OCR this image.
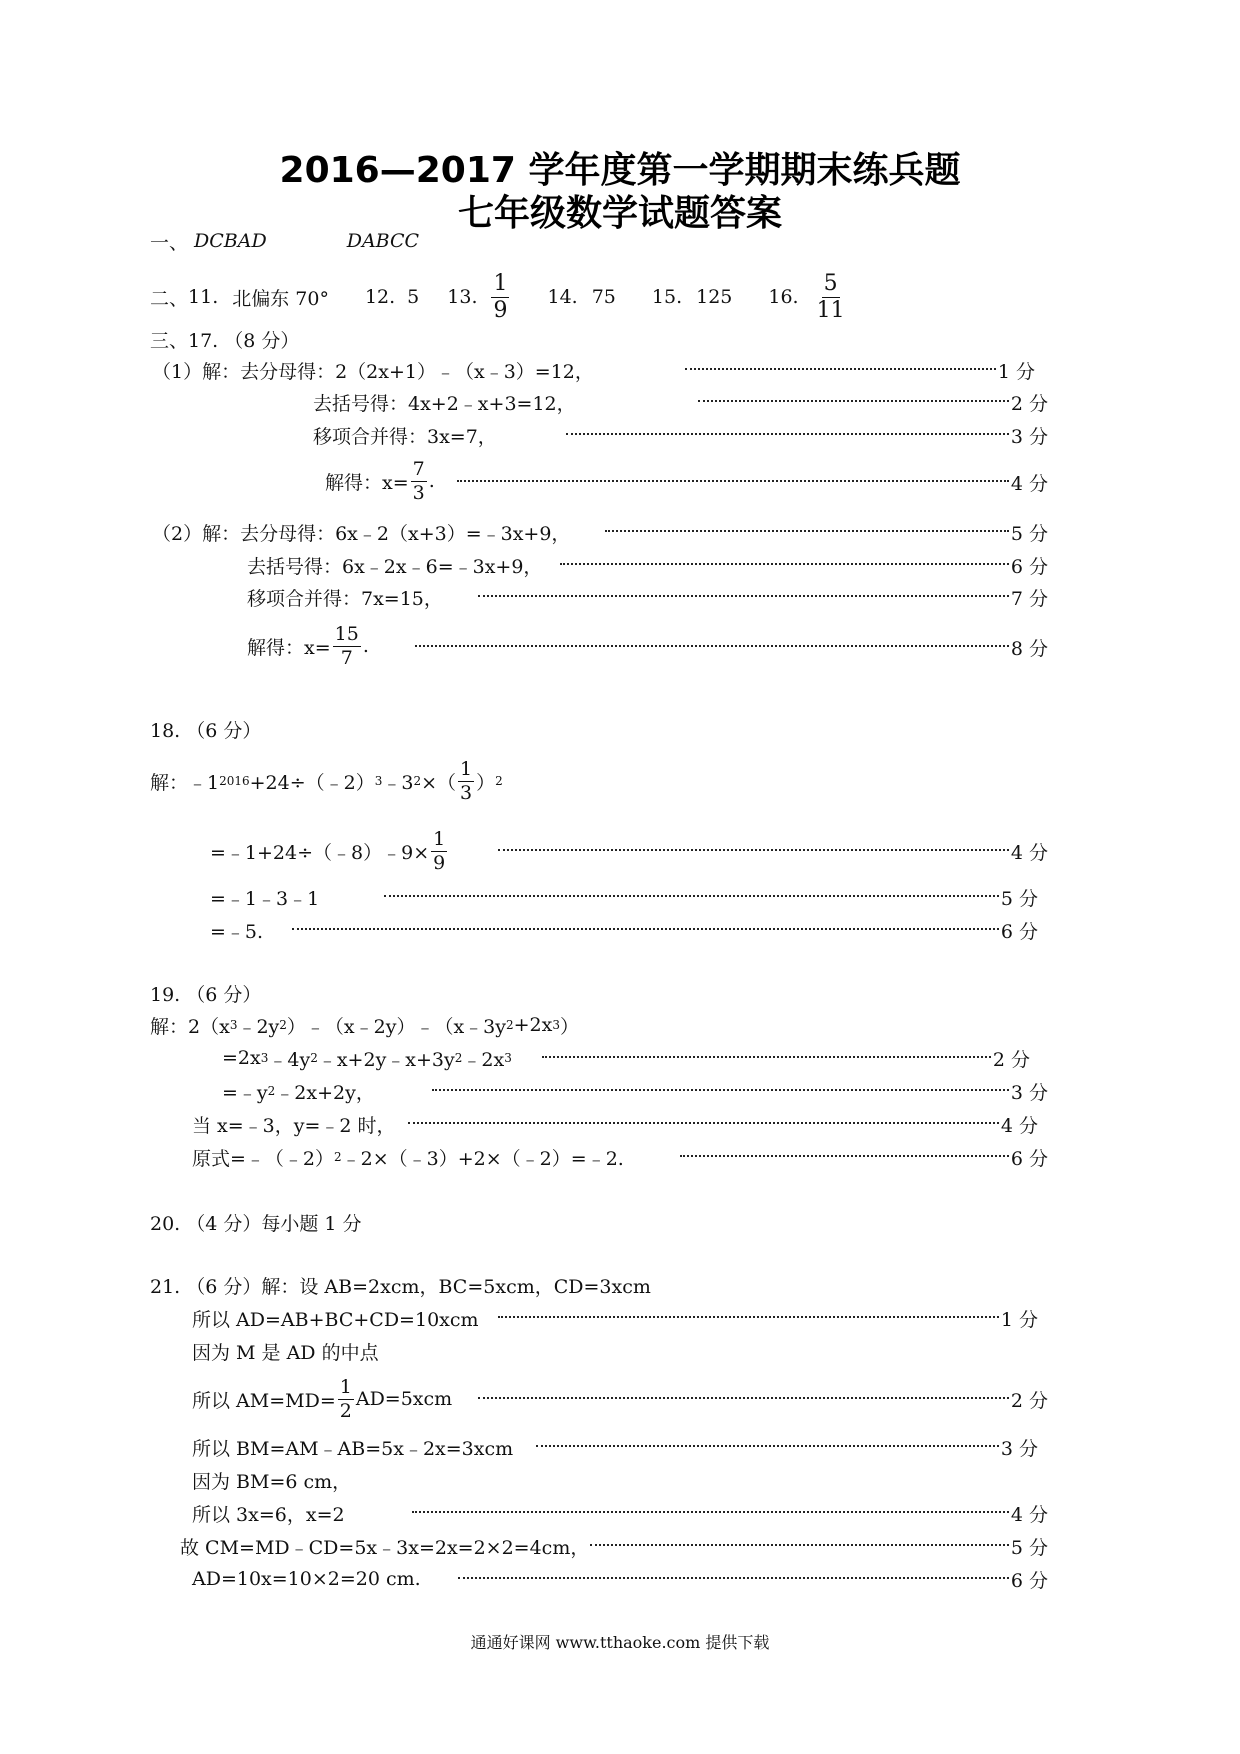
2016—2017 学年度第一学期期末练兵题
七年级数学试题答案
一、 DCBAD	DABCC
二、 11. 北偏东 70° 12. 5 13. $\frac{1}{9} 14$. 75 15. 125 16. $\frac{5}{11}$
三、17. （8 分）
（1）解：去分母得：2（2x+1）﹣（x﹣3）=12，	1 分
去括号得：4x+2﹣x+3=12，	2 分
移项合并得：3x=7，	3 分
解得：$x= \frac{7}{3}$ .	4 分
（2）解：去分母得：6x﹣2（x+3）=﹣3x+9，	5 分
去括号得：6x﹣2x﹣6=﹣3x+9，	6 分
移项合并得：7x=15，	7 分
解得：$x= \frac{15}{7}$ .	8 分
18. （6 分）
解：﹣1 2016 +24÷（﹣2） 3 ﹣3 2 ×（ $\frac{1}{3}$ ） 2
=﹣1+24÷（﹣8）﹣9× $\frac{1}{9}$	4 分
=﹣1﹣3﹣1	5 分
=﹣5.	6 分
19. （6 分）
解：2（x 3 ﹣2y 2 ）﹣（x﹣2y）﹣（x﹣3y 2 +2x 3 ）
=2x 3 ﹣4y 2 ﹣x+2y﹣x+3y 2 ﹣2x 3	2 分
=﹣y 2 ﹣2x+2y，	3 分
当 x=﹣3，y=﹣2 时，	4 分
原式=﹣（﹣2） 2 ﹣2×（﹣3）+2×（﹣2）=﹣2.	6 分
20. （4 分）每小题 1 分
21. （6 分）解：设 AB=2xcm，BC=5xcm，CD=3xcm
所以 AD=AB+BC+CD=10xcm	1 分
因为 M 是 AD 的中点
所以 $AM=MD= \frac{1}{2} AD=5xcm$	2 分
所以 BM=AM﹣AB=5x﹣2x=3xcm	3 分
因为 BM=6 cm，
所以 3x=6，x=2	4 分
故 CM=MD﹣CD=5x﹣3x=2x=2×2=4cm，	5 分
AD=10x=10×2=20 cm.	6 分
通通好课网 www.tthaoke.com 提供下载
